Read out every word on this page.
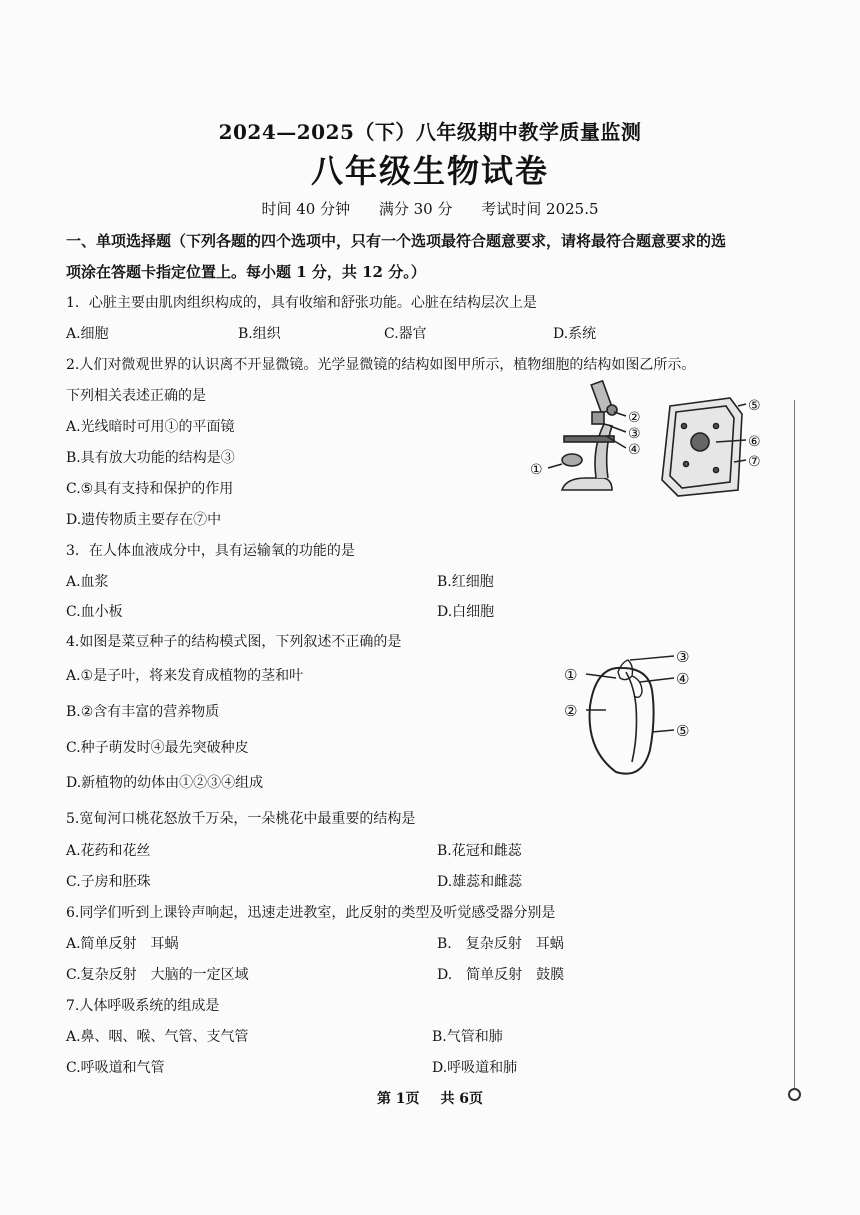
2024—2025（下）八年级期中教学质量监测
八年级生物试卷
时间 40 分钟 满分 30 分 考试时间 2025.5
一、单项选择题（下列各题的四个选项中，只有一个选项最符合题意要求，请将最符合题意要求的选
项涂在答题卡指定位置上。每小题 1 分，共 12 分。）
1．心脏主要由肌肉组织构成的，具有收缩和舒张功能。心脏在结构层次上是
A.细胞	B.组织	C.器官	D.系统
2.人们对微观世界的认识离不开显微镜。光学显微镜的结构如图甲所示，植物细胞的结构如图乙所示。
下列相关表述正确的是
A.光线暗时可用①的平面镜
B.具有放大功能的结构是③
C.⑤具有支持和保护的作用
D.遗传物质主要存在⑦中
②
③
④
①
⑤
⑥
⑦
3．在人体血液成分中，具有运输氧的功能的是
A.血浆	B.红细胞
C.血小板	D.白细胞
4.如图是菜豆种子的结构模式图，下列叙述不正确的是
A.①是子叶，将来发育成植物的茎和叶
B.②含有丰富的营养物质
C.种子萌发时④最先突破种皮
D.新植物的幼体由①②③④组成
①
②
③
④
⑤
5.宽甸河口桃花怒放千万朵，一朵桃花中最重要的结构是
A.花药和花丝	B.花冠和雌蕊
C.子房和胚珠	D.雄蕊和雌蕊
6.同学们听到上课铃声响起，迅速走进教室，此反射的类型及听觉感受器分别是
A.简单反射　耳蜗	B.　复杂反射　耳蜗
C.复杂反射　大脑的一定区域	D.　简单反射　鼓膜
7.人体呼吸系统的组成是
A.鼻、咽、喉、气管、支气管	B.气管和肺
C.呼吸道和气管	D.呼吸道和肺
第 1页 共 6页
